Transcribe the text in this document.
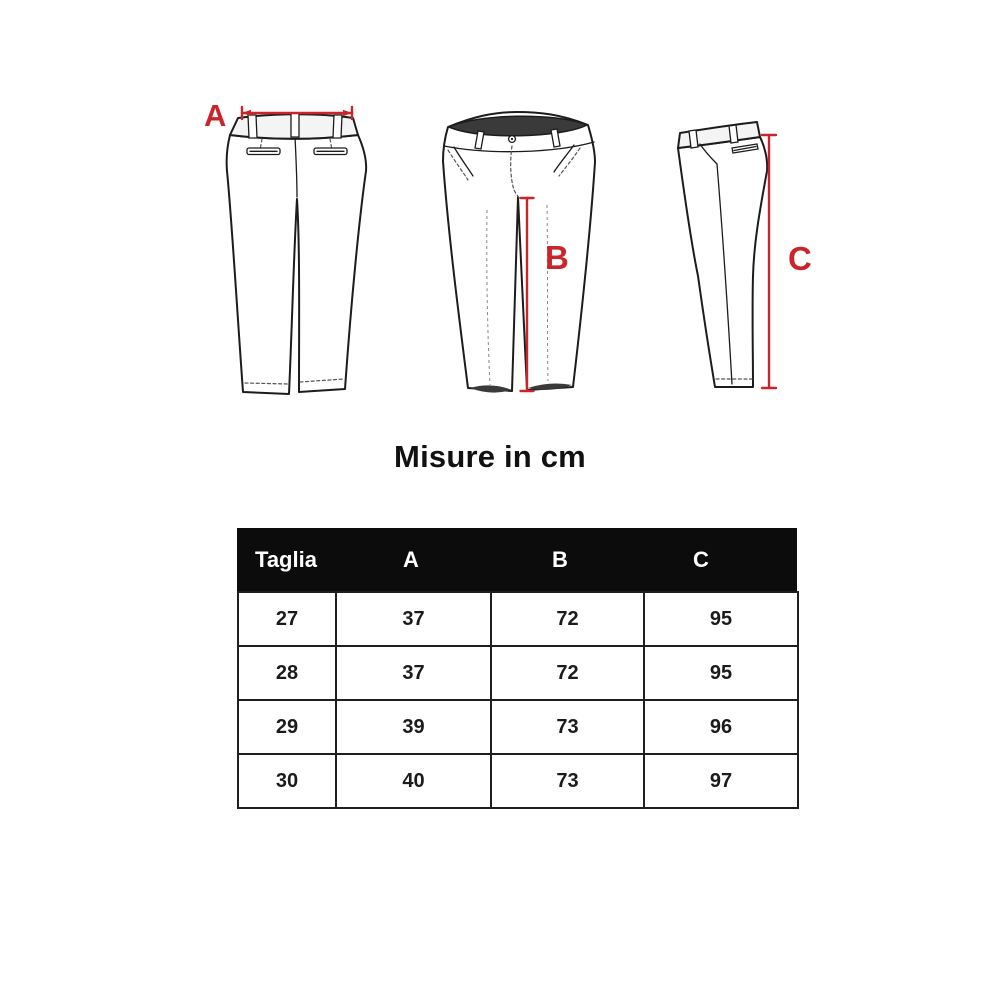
A
B	C
Misure in cm
Taglia	A	B	C
27	37	72	95
28	37	72	95
29	39	73	96
30	40	73	97
